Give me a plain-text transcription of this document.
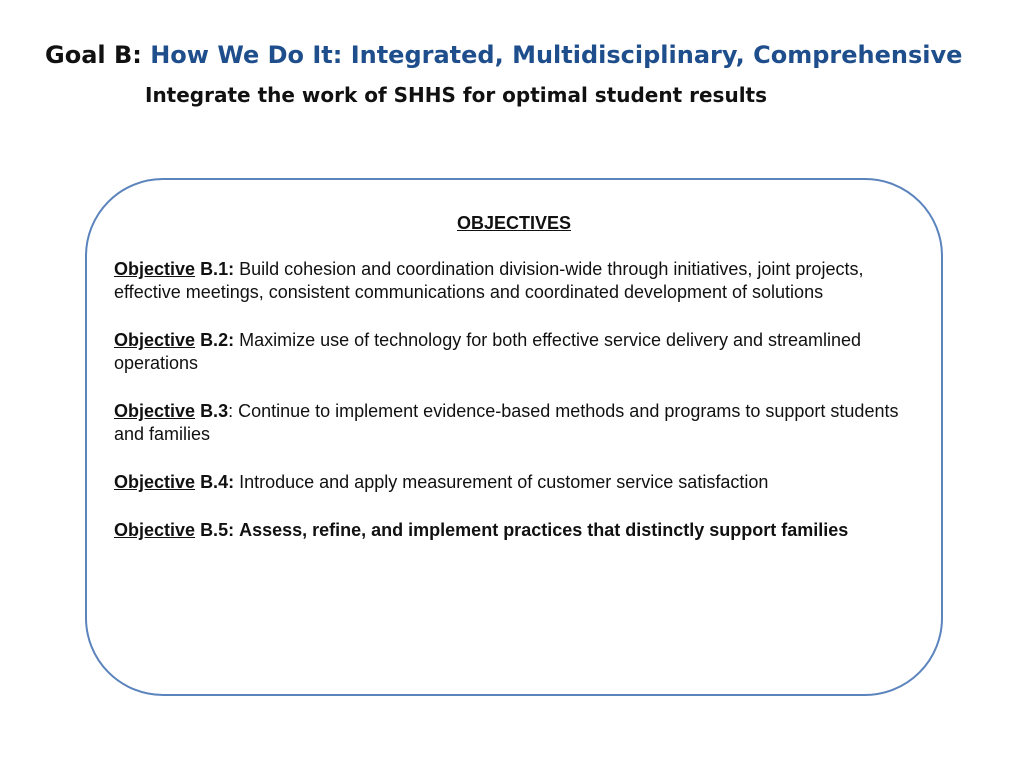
Goal B: How We Do It: Integrated, Multidisciplinary, Comprehensive
Integrate the work of SHHS for optimal student results
OBJECTIVES

Objective B.1: Build cohesion and coordination division-wide through initiatives, joint projects, effective meetings, consistent communications and coordinated development of solutions

Objective B.2: Maximize use of technology for both effective service delivery and streamlined operations

Objective B.3: Continue to implement evidence-based methods and programs to support students and families

Objective B.4: Introduce and apply measurement of customer service satisfaction

Objective B.5: Assess, refine, and implement practices that distinctly support families
